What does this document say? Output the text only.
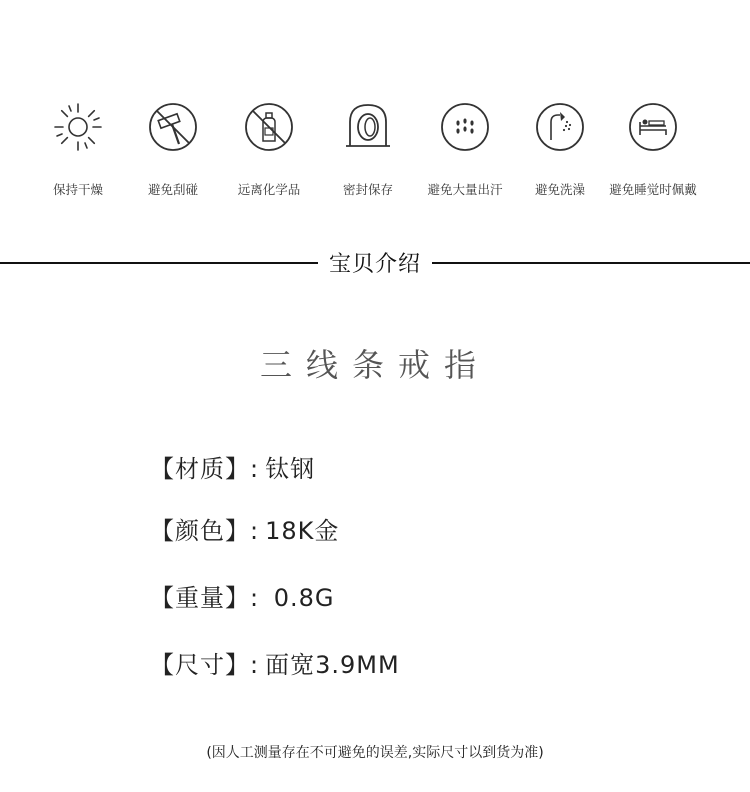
保持干燥	避免刮碰	远离化学品	密封保存	避免大量出汗	避免洗澡	避免睡觉时佩戴
宝贝介绍
三线条戒指
【材质】: 钛钢
【颜色】: 18K金
【重量】: 0.8G
【尺寸】: 面宽3.9MM
(因人工测量存在不可避免的误差,实际尺寸以到货为准)
